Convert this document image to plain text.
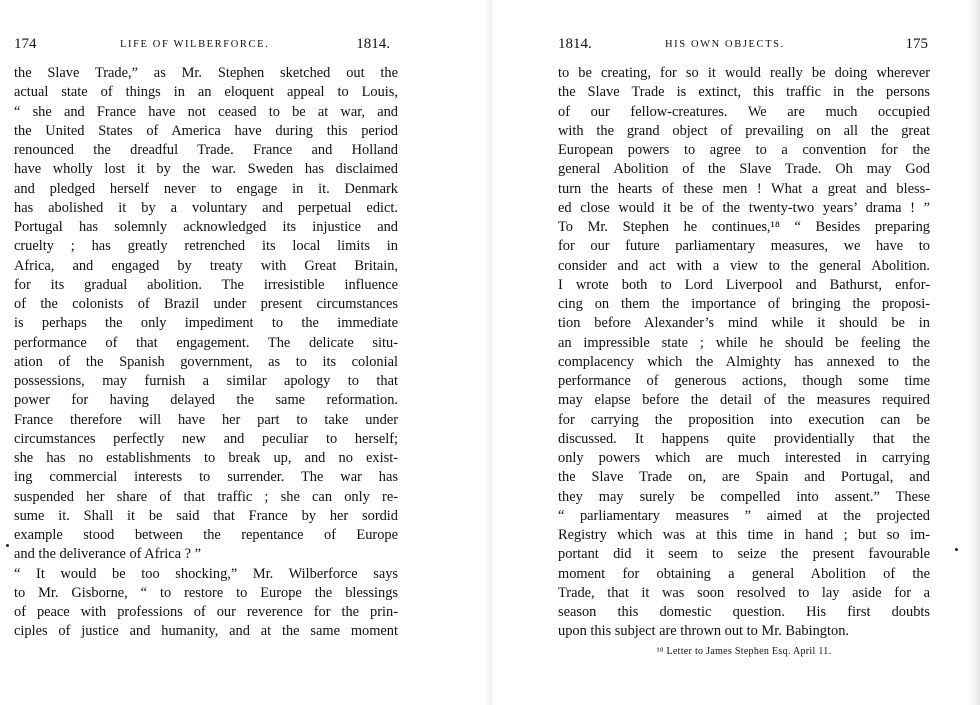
174	LIFE OF WILBERFORCE.	1814.
the Slave Trade,” as Mr. Stephen sketched out the
actual state of things in an eloquent appeal to Louis,
“ she and France have not ceased to be at war, and
the United States of America have during this period
renounced the dreadful Trade. France and Holland
have wholly lost it by the war. Sweden has disclaimed
and pledged herself never to engage in it. Denmark
has abolished it by a voluntary and perpetual edict.
Portugal has solemnly acknowledged its injustice and
cruelty ; has greatly retrenched its local limits in
Africa, and engaged by treaty with Great Britain,
for its gradual abolition. The irresistible influence
of the colonists of Brazil under present circumstances
is perhaps the only impediment to the immediate
performance of that engagement. The delicate situ-
ation of the Spanish government, as to its colonial
possessions, may furnish a similar apology to that
power for having delayed the same reformation.
France therefore will have her part to take under
circumstances perfectly new and peculiar to herself;
she has no establishments to break up, and no exist-
ing commercial interests to surrender. The war has
suspended her share of that traffic ; she can only re-
sume it. Shall it be said that France by her sordid
example stood between the repentance of Europe
and the deliverance of Africa ? ”
“ It would be too shocking,” Mr. Wilberforce says
to Mr. Gisborne, “ to restore to Europe the blessings
of peace with professions of our reverence for the prin-
ciples of justice and humanity, and at the same moment
1814.	HIS OWN OBJECTS.	175
to be creating, for so it would really be doing wherever
the Slave Trade is extinct, this traffic in the persons
of our fellow-creatures. We are much occupied
with the grand object of prevailing on all the great
European powers to agree to a convention for the
general Abolition of the Slave Trade. Oh may God
turn the hearts of these men ! What a great and bless-
ed close would it be of the twenty-two years’ drama ! ”
To Mr. Stephen he continues,¹⁸ “ Besides preparing
for our future parliamentary measures, we have to
consider and act with a view to the general Abolition.
I wrote both to Lord Liverpool and Bathurst, enfor-
cing on them the importance of bringing the proposi-
tion before Alexander’s mind while it should be in
an impressible state ; while he should be feeling the
complacency which the Almighty has annexed to the
performance of generous actions, though some time
may elapse before the detail of the measures required
for carrying the proposition into execution can be
discussed. It happens quite providentially that the
only powers which are much interested in carrying
the Slave Trade on, are Spain and Portugal, and
they may surely be compelled into assent.” These
“ parliamentary measures ” aimed at the projected
Registry which was at this time in hand ; but so im-
portant did it seem to seize the present favourable
moment for obtaining a general Abolition of the
Trade, that it was soon resolved to lay aside for a
season this domestic question. His first doubts
upon this subject are thrown out to Mr. Babington.
¹⁸ Letter to James Stephen Esq. April 11.
